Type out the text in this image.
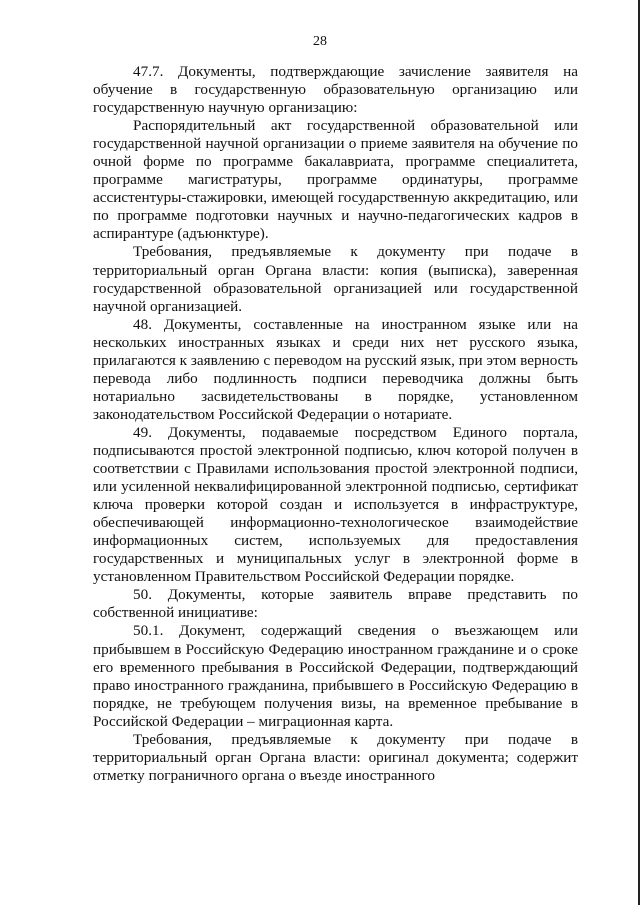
28

47.7. Документы, подтверждающие зачисление заявителя на обучение в государственную образовательную организацию или государственную научную организацию:

Распорядительный акт государственной образовательной или государственной научной организации о приеме заявителя на обучение по очной форме по программе бакалавриата, программе специалитета, программе магистратуры, программе ординатуры, программе ассистентуры-стажировки, имеющей государственную аккредитацию, или по программе подготовки научных и научно-педагогических кадров в аспирантуре (адъюнктуре).

Требования, предъявляемые к документу при подаче в территориальный орган Органа власти: копия (выписка), заверенная государственной образовательной организацией или государственной научной организацией.

48. Документы, составленные на иностранном языке или на нескольких иностранных языках и среди них нет русского языка, прилагаются к заявлению с переводом на русский язык, при этом верность перевода либо подлинность подписи переводчика должны быть нотариально засвидетельствованы в порядке, установленном законодательством Российской Федерации о нотариате.

49. Документы, подаваемые посредством Единого портала, подписываются простой электронной подписью, ключ которой получен в соответствии с Правилами использования простой электронной подписи, или усиленной неквалифицированной электронной подписью, сертификат ключа проверки которой создан и используется в инфраструктуре, обеспечивающей информационно-технологическое взаимодействие информационных систем, используемых для предоставления государственных и муниципальных услуг в электронной форме в установленном Правительством Российской Федерации порядке.

50. Документы, которые заявитель вправе представить по собственной инициативе:

50.1. Документ, содержащий сведения о въезжающем или прибывшем в Российскую Федерацию иностранном гражданине и о сроке его временного пребывания в Российской Федерации, подтверждающий право иностранного гражданина, прибывшего в Российскую Федерацию в порядке, не требующем получения визы, на временное пребывание в Российской Федерации – миграционная карта.

Требования, предъявляемые к документу при подаче в территориальный орган Органа власти: оригинал документа; содержит отметку пограничного органа о въезде иностранного
